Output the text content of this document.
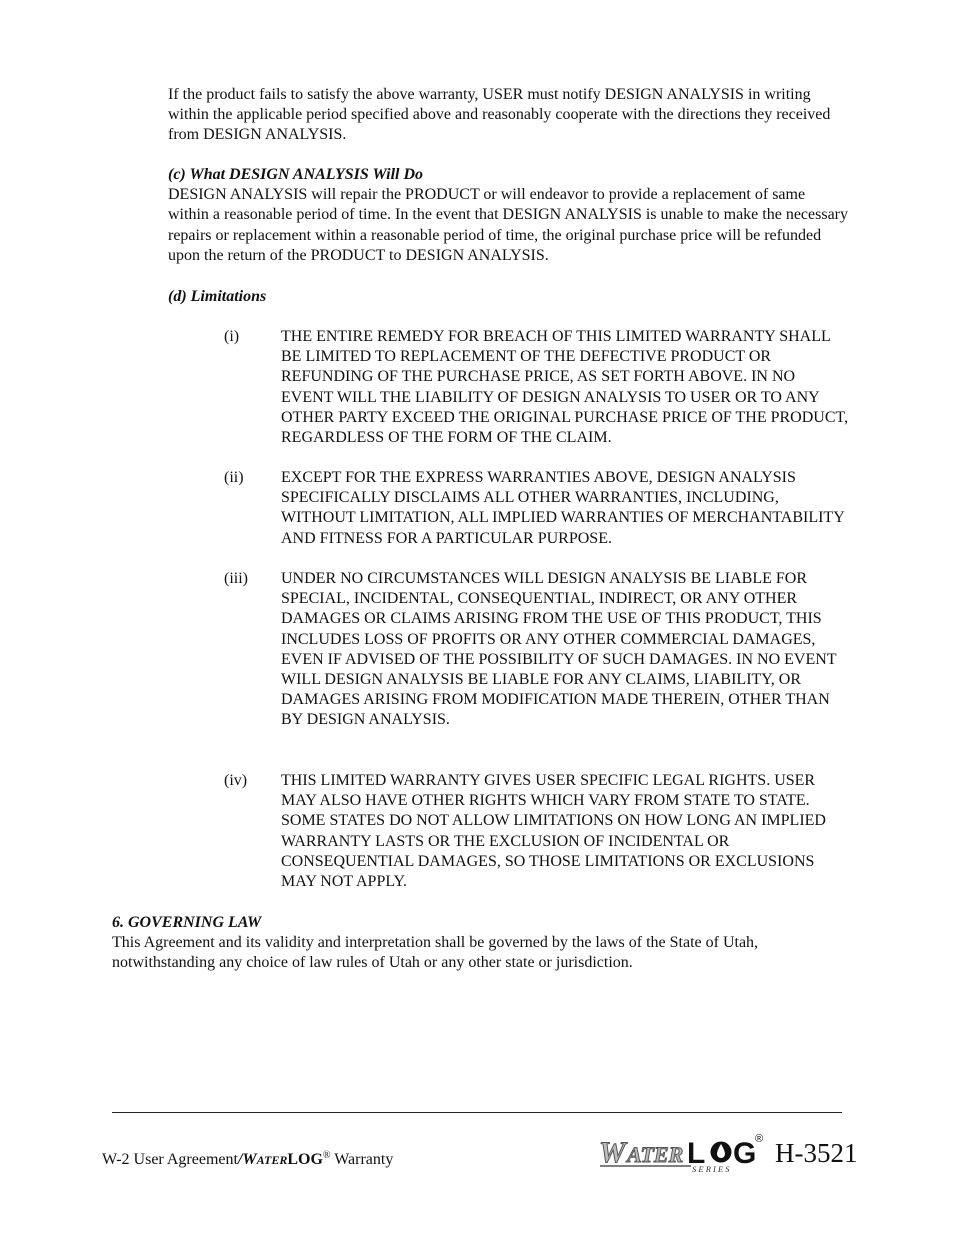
If the product fails to satisfy the above warranty, USER must notify DESIGN ANALYSIS in writing within the applicable period specified above and reasonably cooperate with the directions they received from DESIGN ANALYSIS.

(c) What DESIGN ANALYSIS Will Do
DESIGN ANALYSIS will repair the PRODUCT or will endeavor to provide a replacement of same within a reasonable period of time. In the event that DESIGN ANALYSIS is unable to make the necessary repairs or replacement within a reasonable period of time, the original purchase price will be refunded upon the return of the PRODUCT to DESIGN ANALYSIS.
(d) Limitations
(i)	THE ENTIRE REMEDY FOR BREACH OF THIS LIMITED WARRANTY SHALL BE LIMITED TO REPLACEMENT OF THE DEFECTIVE PRODUCT OR REFUNDING OF THE PURCHASE PRICE, AS SET FORTH ABOVE. IN NO EVENT WILL THE LIABILITY OF DESIGN ANALYSIS TO USER OR TO ANY OTHER PARTY EXCEED THE ORIGINAL PURCHASE PRICE OF THE PRODUCT, REGARDLESS OF THE FORM OF THE CLAIM.
(ii)	EXCEPT FOR THE EXPRESS WARRANTIES ABOVE, DESIGN ANALYSIS SPECIFICALLY DISCLAIMS ALL OTHER WARRANTIES, INCLUDING, WITHOUT LIMITATION, ALL IMPLIED WARRANTIES OF MERCHANTABILITY AND FITNESS FOR A PARTICULAR PURPOSE.
(iii)	UNDER NO CIRCUMSTANCES WILL DESIGN ANALYSIS BE LIABLE FOR SPECIAL, INCIDENTAL, CONSEQUENTIAL, INDIRECT, OR ANY OTHER DAMAGES OR CLAIMS ARISING FROM THE USE OF THIS PRODUCT, THIS INCLUDES LOSS OF PROFITS OR ANY OTHER COMMERCIAL DAMAGES, EVEN IF ADVISED OF THE POSSIBILITY OF SUCH DAMAGES. IN NO EVENT WILL DESIGN ANALYSIS BE LIABLE FOR ANY CLAIMS, LIABILITY, OR DAMAGES ARISING FROM MODIFICATION MADE THEREIN, OTHER THAN BY DESIGN ANALYSIS.
(iv)	THIS LIMITED WARRANTY GIVES USER SPECIFIC LEGAL RIGHTS. USER MAY ALSO HAVE OTHER RIGHTS WHICH VARY FROM STATE TO STATE. SOME STATES DO NOT ALLOW LIMITATIONS ON HOW LONG AN IMPLIED WARRANTY LASTS OR THE EXCLUSION OF INCIDENTAL OR CONSEQUENTIAL DAMAGES, SO THOSE LIMITATIONS OR EXCLUSIONS MAY NOT APPLY.
6. GOVERNING LAW
This Agreement and its validity and interpretation shall be governed by the laws of the State of Utah, notwithstanding any choice of law rules of Utah or any other state or jurisdiction.
W-2 User Agreement/WATERLOG® Warranty	W ATER L G
S E R I E S
® H-3521
